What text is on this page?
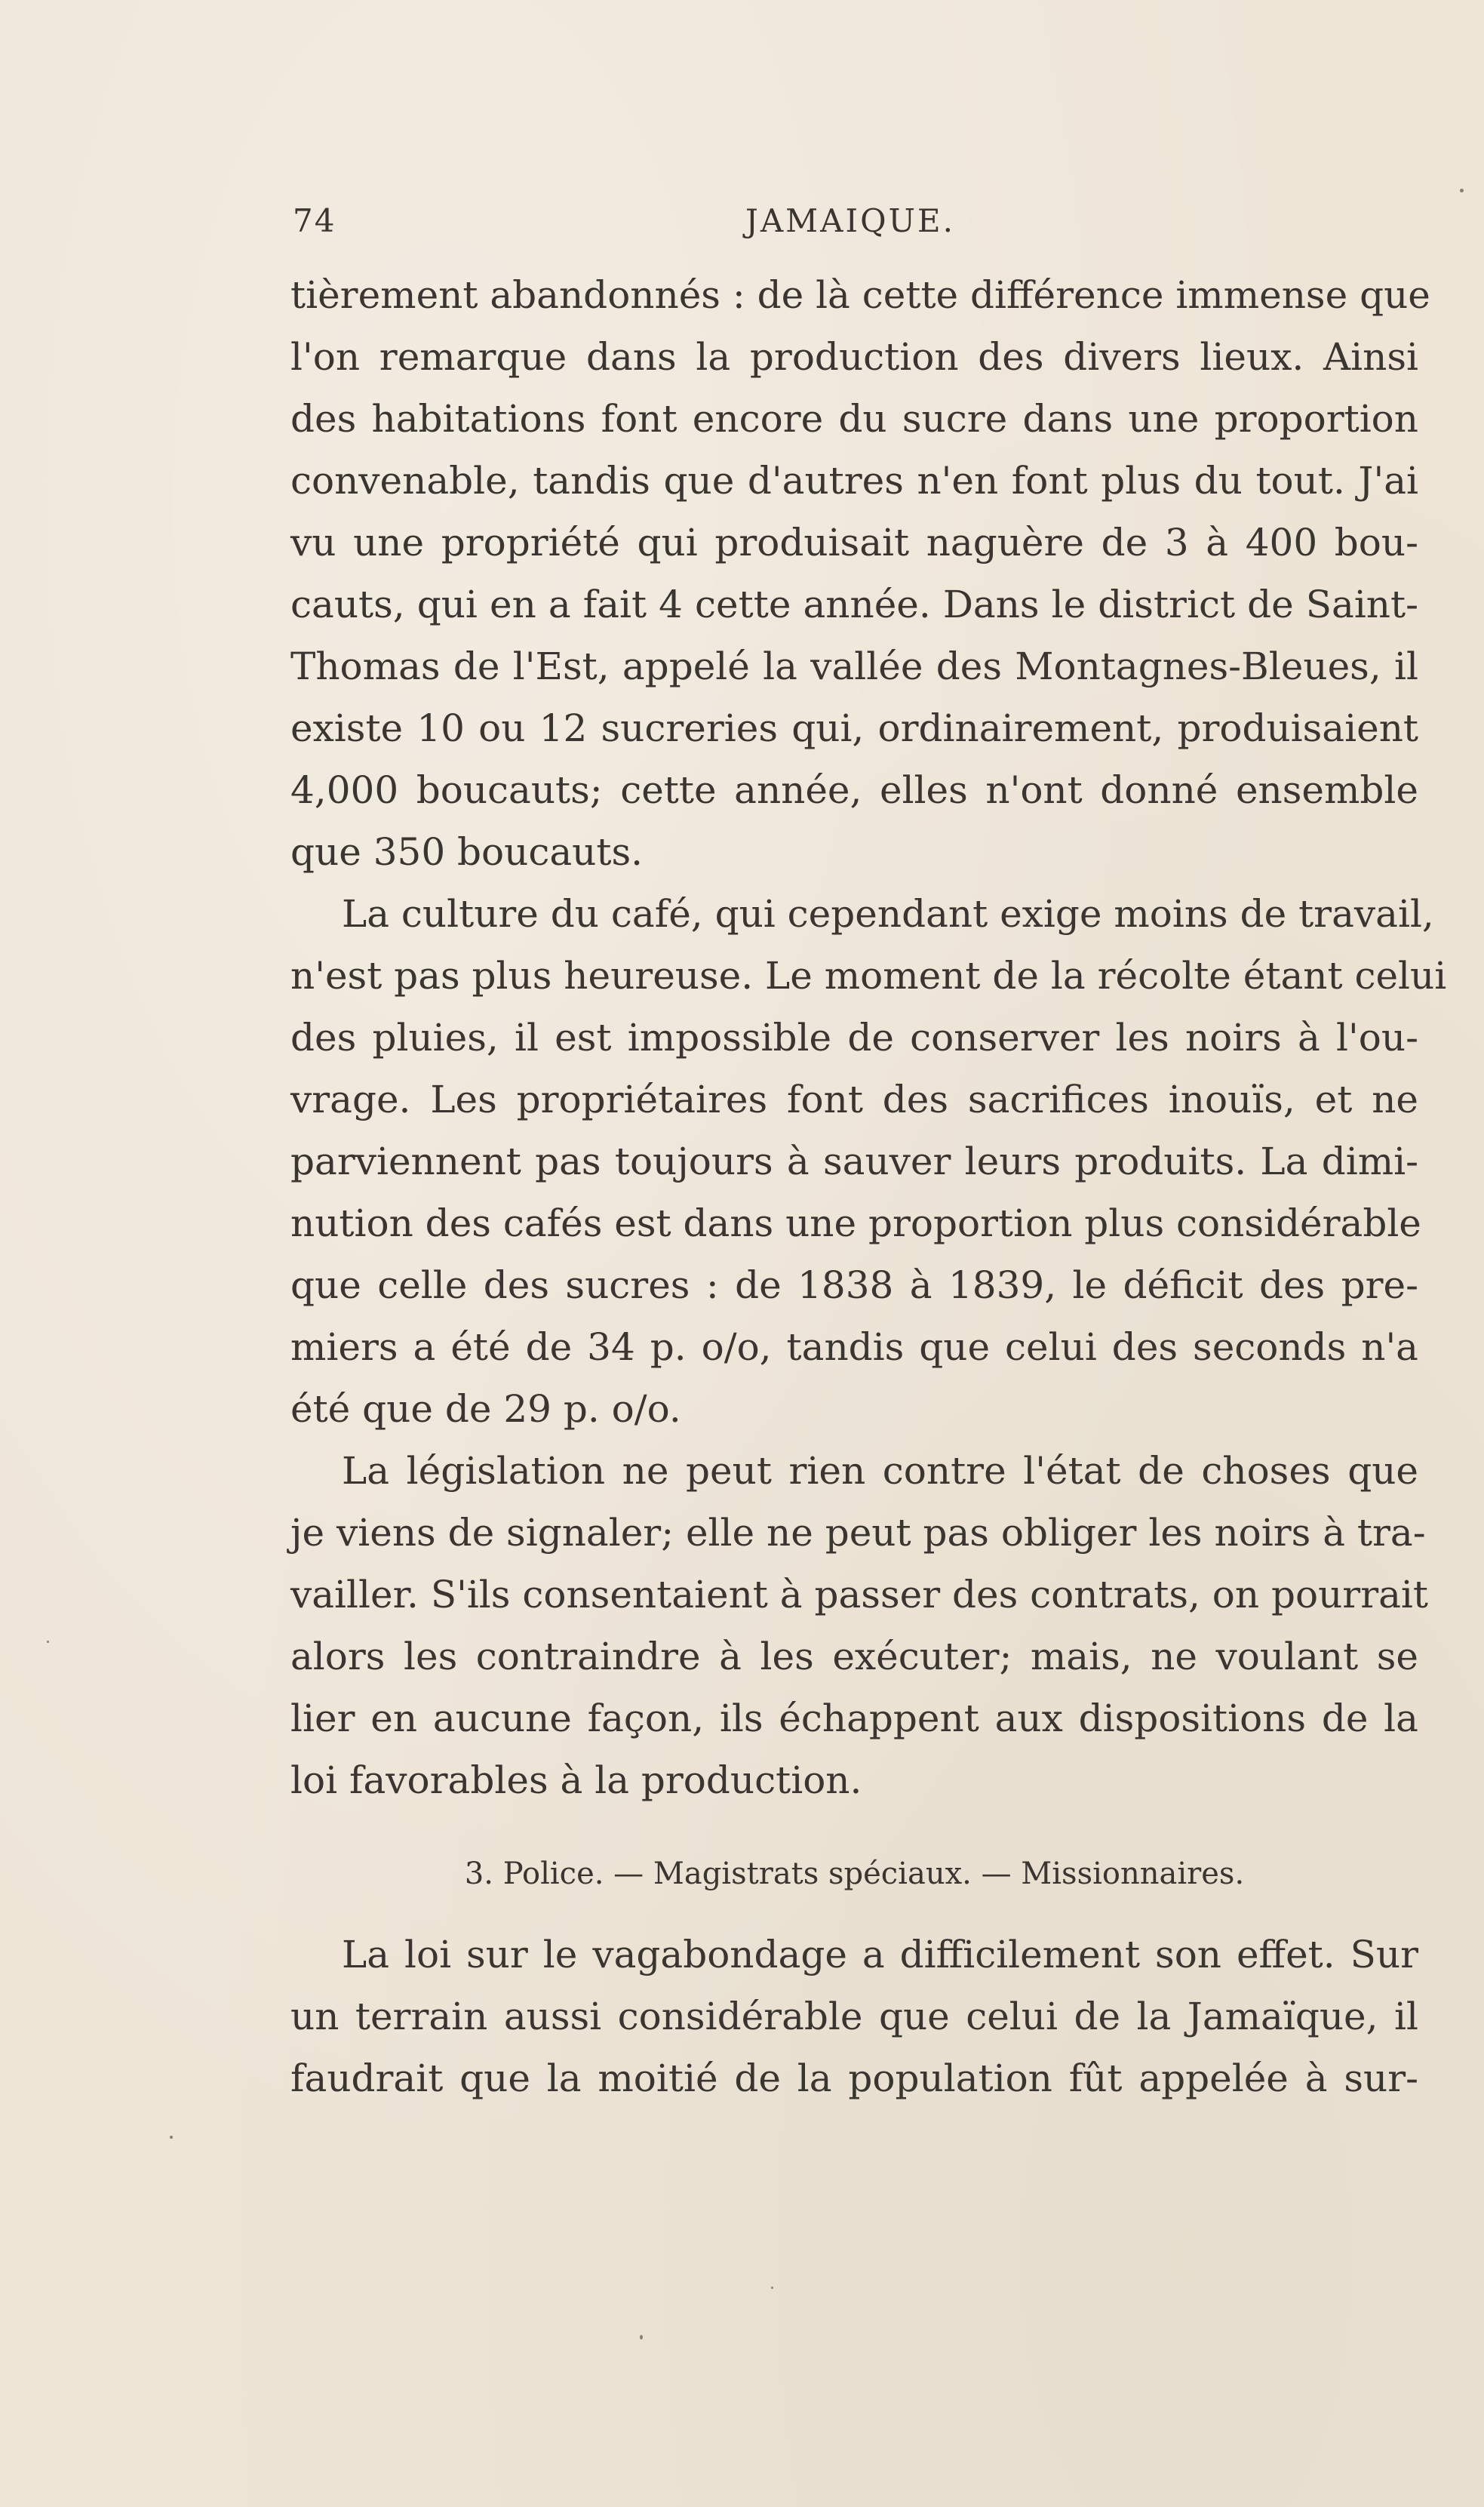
74	JAMAIQUE.
tièrement abandonnés : de là cette différence immense que
l'on remarque dans la production des divers lieux. Ainsi
des habitations font encore du sucre dans une proportion
convenable, tandis que d'autres n'en font plus du tout. J'ai
vu une propriété qui produisait naguère de 3 à 400 bou-
cauts, qui en a fait 4 cette année. Dans le district de Saint-
Thomas de l'Est, appelé la vallée des Montagnes-Bleues, il
existe 10 ou 12 sucreries qui, ordinairement, produisaient
4,000 boucauts; cette année, elles n'ont donné ensemble
que 350 boucauts.
La culture du café, qui cependant exige moins de travail,
n'est pas plus heureuse. Le moment de la récolte étant celui
des pluies, il est impossible de conserver les noirs à l'ou-
vrage. Les propriétaires font des sacrifices inouïs, et ne
parviennent pas toujours à sauver leurs produits. La dimi-
nution des cafés est dans une proportion plus considérable
que celle des sucres : de 1838 à 1839, le déficit des pre-
miers a été de 34 p. o/o, tandis que celui des seconds n'a
été que de 29 p. o/o.
La législation ne peut rien contre l'état de choses que
je viens de signaler; elle ne peut pas obliger les noirs à tra-
vailler. S'ils consentaient à passer des contrats, on pourrait
alors les contraindre à les exécuter; mais, ne voulant se
lier en aucune façon, ils échappent aux dispositions de la
loi favorables à la production.
3. Police. — Magistrats spéciaux. — Missionnaires.
La loi sur le vagabondage a difficilement son effet. Sur
un terrain aussi considérable que celui de la Jamaïque, il
faudrait que la moitié de la population fût appelée à sur-
